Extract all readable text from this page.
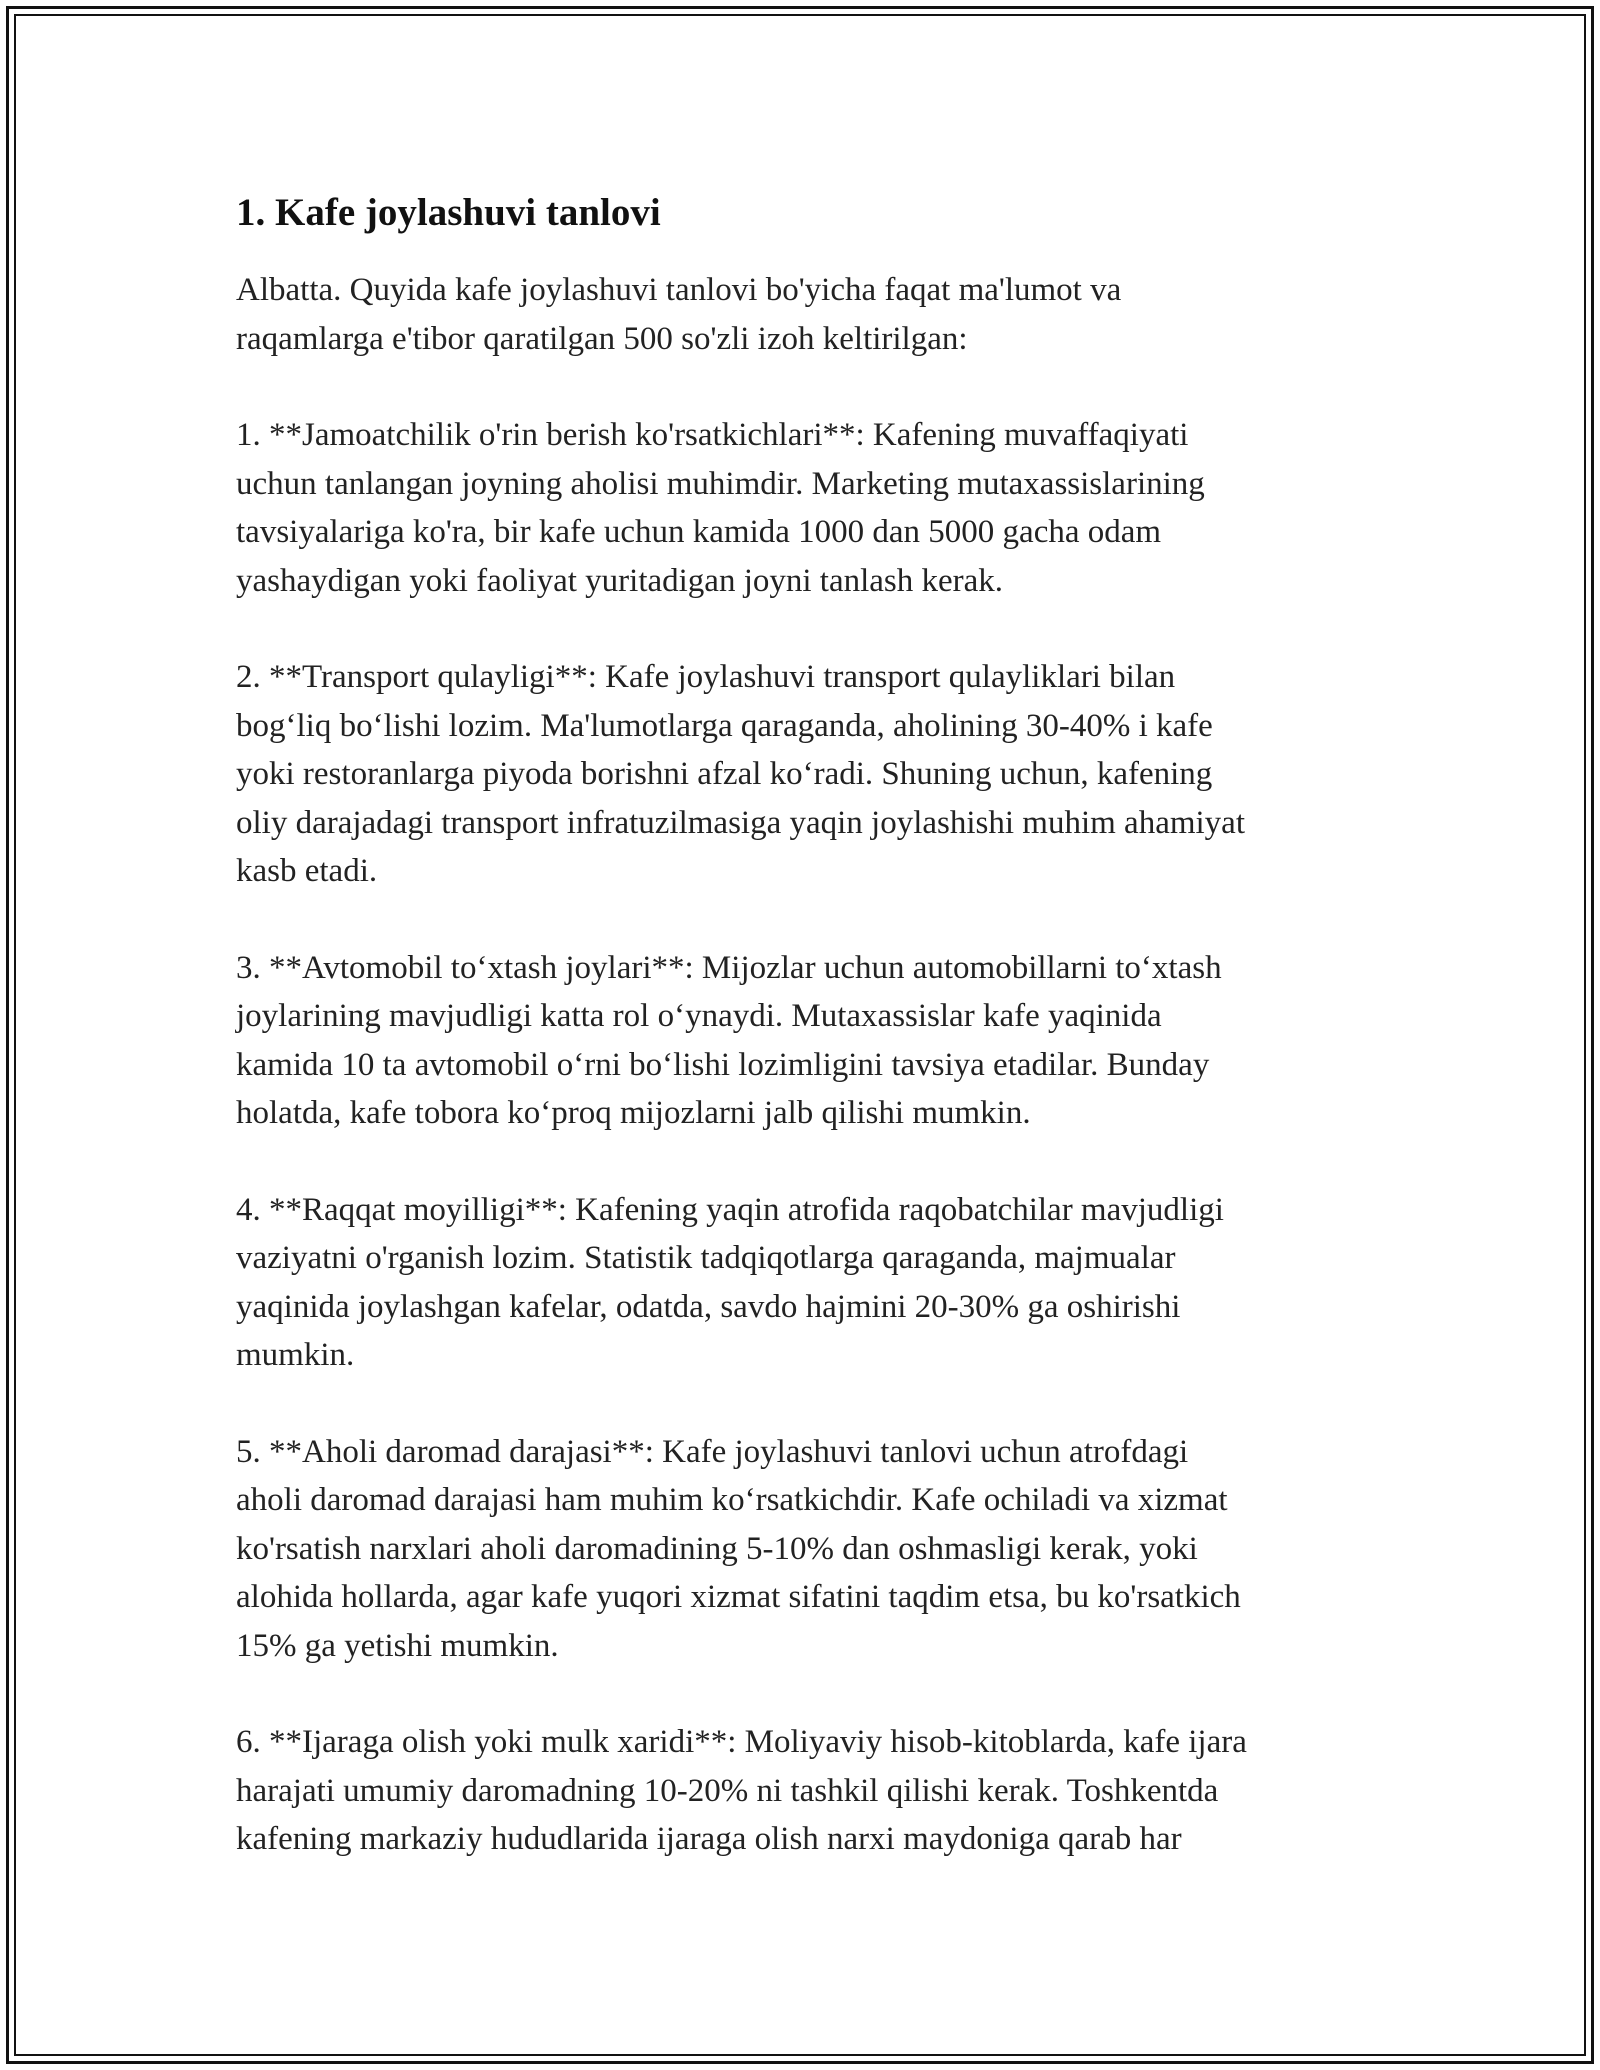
1. Kafe joylashuvi tanlovi

Albatta. Quyida kafe joylashuvi tanlovi bo'yicha faqat ma'lumot va
raqamlarga e'tibor qaratilgan 500 so'zli izoh keltirilgan:

1. **Jamoatchilik o'rin berish ko'rsatkichlari**: Kafening muvaffaqiyati
uchun tanlangan joyning aholisi muhimdir. Marketing mutaxassislarining
tavsiyalariga ko'ra, bir kafe uchun kamida 1000 dan 5000 gacha odam
yashaydigan yoki faoliyat yuritadigan joyni tanlash kerak.

2. **Transport qulayligi**: Kafe joylashuvi transport qulayliklari bilan
bog‘liq bo‘lishi lozim. Ma'lumotlarga qaraganda, aholining 30-40% i kafe
yoki restoranlarga piyoda borishni afzal ko‘radi. Shuning uchun, kafening
oliy darajadagi transport infratuzilmasiga yaqin joylashishi muhim ahamiyat
kasb etadi.

3. **Avtomobil to‘xtash joylari**: Mijozlar uchun automobillarni to‘xtash
joylarining mavjudligi katta rol o‘ynaydi. Mutaxassislar kafe yaqinida
kamida 10 ta avtomobil o‘rni bo‘lishi lozimligini tavsiya etadilar. Bunday
holatda, kafe tobora ko‘proq mijozlarni jalb qilishi mumkin.

4. **Raqqat moyilligi**: Kafening yaqin atrofida raqobatchilar mavjudligi
vaziyatni o'rganish lozim. Statistik tadqiqotlarga qaraganda, majmualar
yaqinida joylashgan kafelar, odatda, savdo hajmini 20-30% ga oshirishi
mumkin.

5. **Aholi daromad darajasi**: Kafe joylashuvi tanlovi uchun atrofdagi
aholi daromad darajasi ham muhim ko‘rsatkichdir. Kafe ochiladi va xizmat
ko'rsatish narxlari aholi daromadining 5-10% dan oshmasligi kerak, yoki
alohida hollarda, agar kafe yuqori xizmat sifatini taqdim etsa, bu ko'rsatkich
15% ga yetishi mumkin.

6. **Ijaraga olish yoki mulk xaridi**: Moliyaviy hisob-kitoblarda, kafe ijara
harajati umumiy daromadning 10-20% ni tashkil qilishi kerak. Toshkentda
kafening markaziy hududlarida ijaraga olish narxi maydoniga qarab har
